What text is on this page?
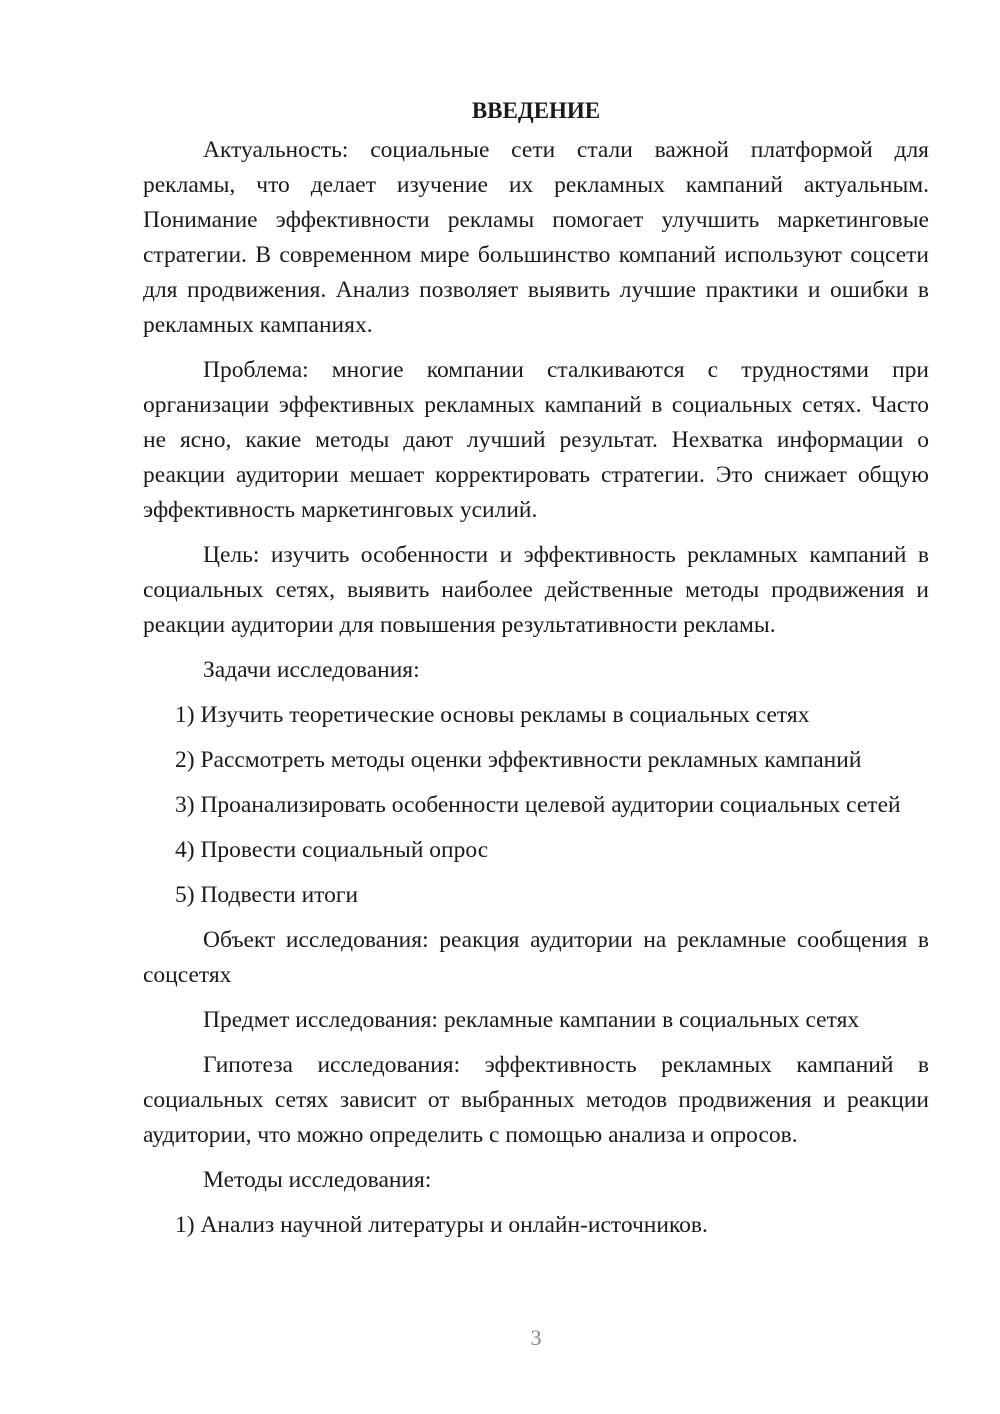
ВВЕДЕНИЕ

Актуальность: социальные сети стали важной платформой для рекламы, что делает изучение их рекламных кампаний актуальным. Понимание эффективности рекламы помогает улучшить маркетинговые стратегии. В современном мире большинство компаний используют соцсети для продвижения. Анализ позволяет выявить лучшие практики и ошибки в рекламных кампаниях.

Проблема: многие компании сталкиваются с трудностями при организации эффективных рекламных кампаний в социальных сетях. Часто не ясно, какие методы дают лучший результат. Нехватка информации о реакции аудитории мешает корректировать стратегии. Это снижает общую эффективность маркетинговых усилий.

Цель: изучить особенности и эффективность рекламных кампаний в социальных сетях, выявить наиболее действенные методы продвижения и реакции аудитории для повышения результативности рекламы.

Задачи исследования:

1) Изучить теоретические основы рекламы в социальных сетях

2) Рассмотреть методы оценки эффективности рекламных кампаний

3) Проанализировать особенности целевой аудитории социальных сетей

4) Провести социальный опрос

5) Подвести итоги

Объект исследования: реакция аудитории на рекламные сообщения в соцсетях

Предмет исследования: рекламные кампании в социальных сетях

Гипотеза исследования: эффективность рекламных кампаний в социальных сетях зависит от выбранных методов продвижения и реакции аудитории, что можно определить с помощью анализа и опросов.

Методы исследования:

1) Анализ научной литературы и онлайн-источников.

3
